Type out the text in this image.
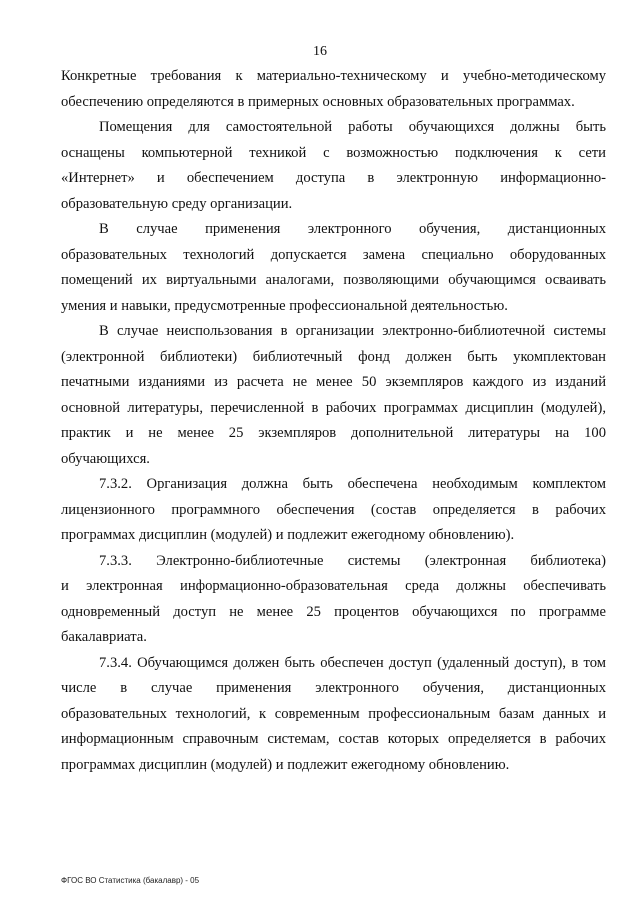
16

Конкретные требования к материально-техническому и учебно-методическому
обеспечению определяются в примерных основных образовательных программах.

Помещения для самостоятельной работы обучающихся должны быть
оснащены компьютерной техникой с возможностью подключения к сети
«Интернет» и обеспечением доступа в электронную информационно-
образовательную среду организации.

В случае применения электронного обучения, дистанционных
образовательных технологий допускается замена специально оборудованных
помещений их виртуальными аналогами, позволяющими обучающимся осваивать
умения и навыки, предусмотренные профессиональной деятельностью.

В случае неиспользования в организации электронно-библиотечной системы
(электронной библиотеки) библиотечный фонд должен быть укомплектован
печатными изданиями из расчета не менее 50 экземпляров каждого из изданий
основной литературы, перечисленной в рабочих программах дисциплин (модулей),
практик и не менее 25 экземпляров дополнительной литературы на 100
обучающихся.

7.3.2. Организация должна быть обеспечена необходимым комплектом
лицензионного программного обеспечения (состав определяется в рабочих
программах дисциплин (модулей) и подлежит ежегодному обновлению).

7.3.3. Электронно-библиотечные системы (электронная библиотека)
и электронная информационно-образовательная среда должны обеспечивать
одновременный доступ не менее 25 процентов обучающихся по программе
бакалавриата.

7.3.4. Обучающимся должен быть обеспечен доступ (удаленный доступ), в том
числе в случае применения электронного обучения, дистанционных
образовательных технологий, к современным профессиональным базам данных и
информационным справочным системам, состав которых определяется в рабочих
программах дисциплин (модулей) и подлежит ежегодному обновлению.

ФГОС ВО Статистика (бакалавр) - 05
